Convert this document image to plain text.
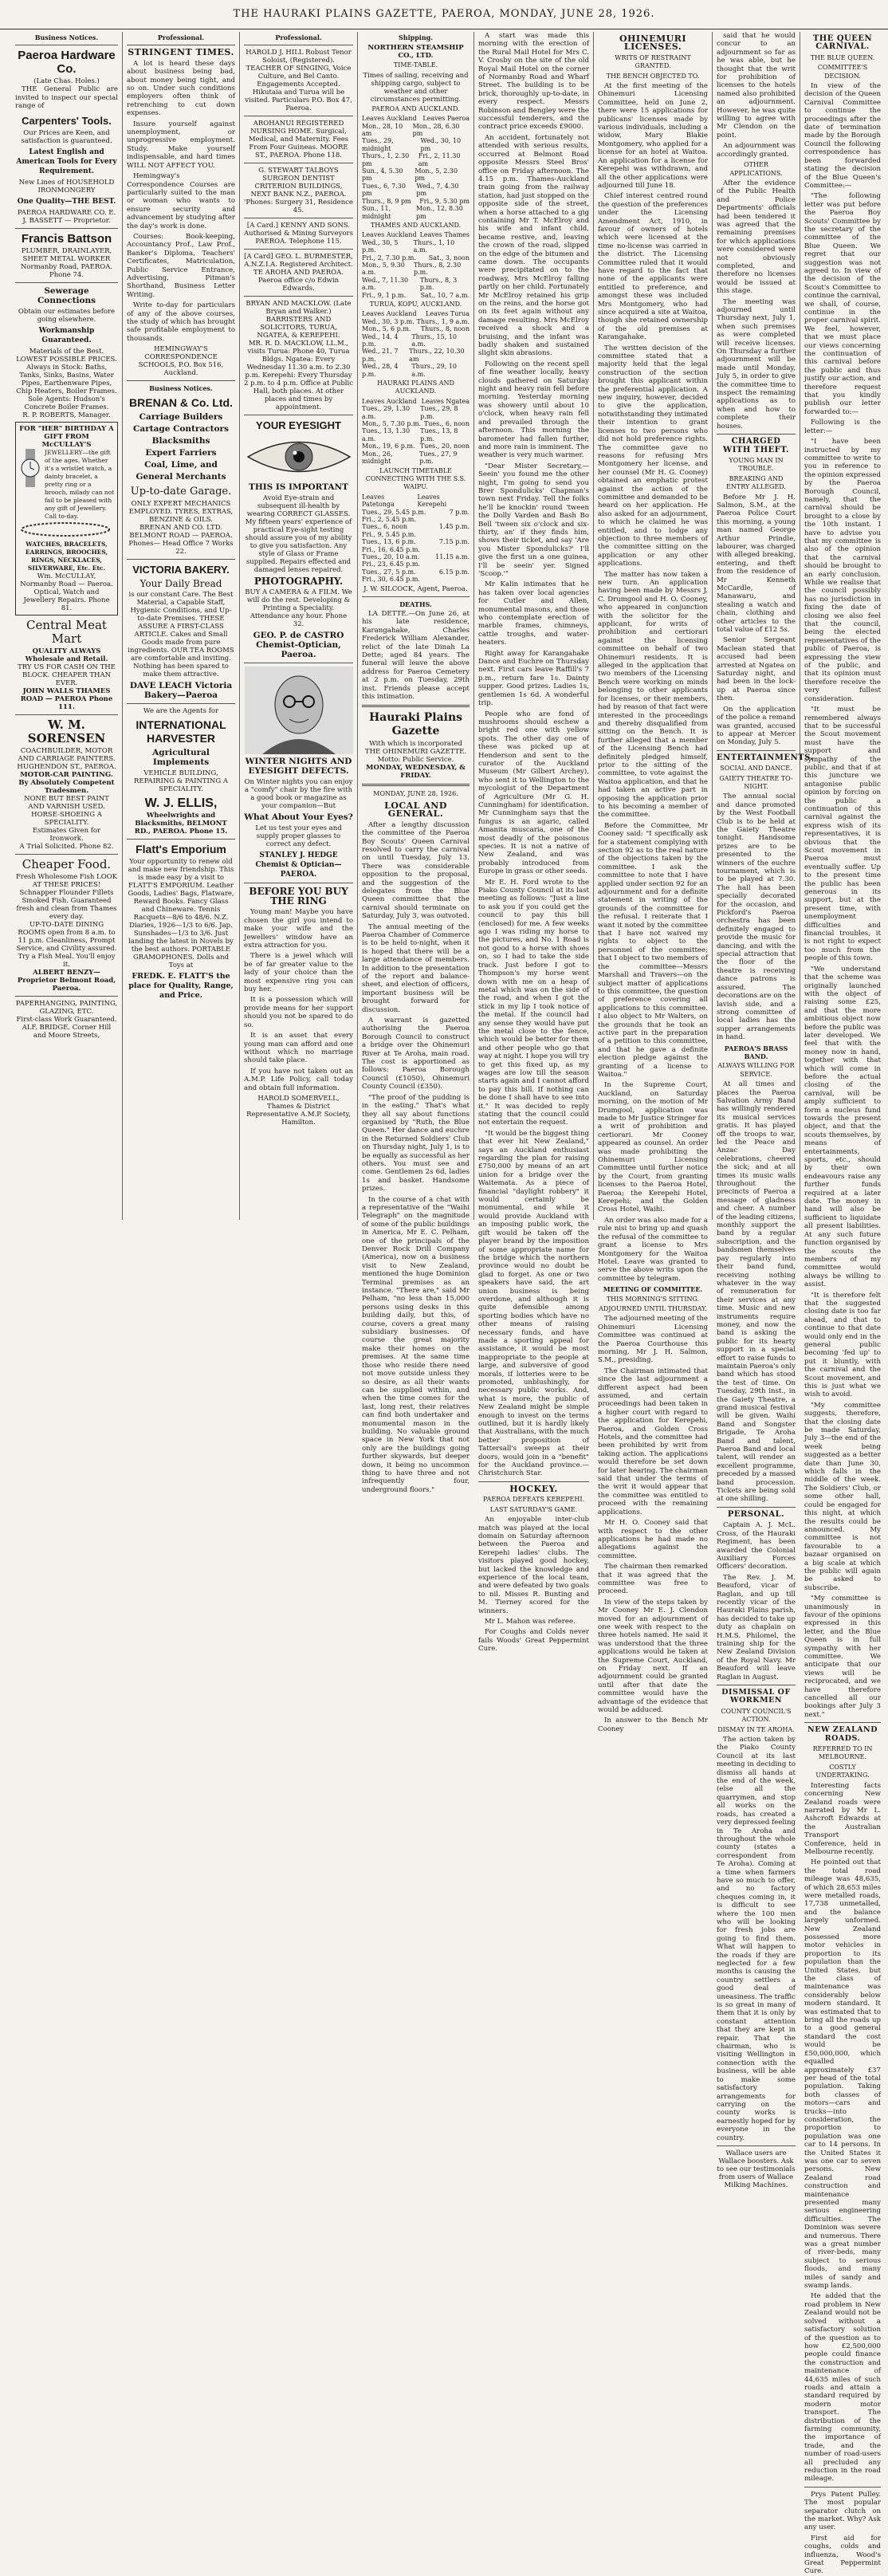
THE HAURAKI PLAINS GAZETTE, PAEROA, MONDAY, JUNE 28, 1926.
Business Notices.
Paeroa Hardware Co.
(Late Chas. Holes.)

THE General Public are invited to inspect our special range of

Carpenters' Tools.
Our Prices are Keen, and satisfaction is guaranteed.
Latest English and American Tools for Every Requirement.
New Lines of HOUSEHOLD IRONMONGERY
One Quality—THE BEST.
PAEROA HARDWARE CO. E. J. BASSETT — Proprietor.
Francis Battson
PLUMBER, DRAINLAYER, SHEET METAL WORKER
Normanby Road, PAEROA. Phone 74.
Sewerage Connections
Obtain our estimates before going elsewhere.
Workmanship Guaranteed.
Materials of the Best. LOWEST POSSIBLE PRICES.
Always in Stock: Baths, Tanks, Sinks, Basins, Water Pipes, Earthenware Pipes, Chip Heaters, Boiler Frames.
Sole Agents: Hudson's Concrete Boiler Frames.
R. P. ROBERTS, Manager.
FOR "HER" BIRTHDAY A GIFT FROM McCULLAY'S
JEWELLERY—the gift of the ages. Whether it's a wristlet watch, a dainty bracelet, a pretty ring or a brooch, milady can not fail to be pleased with any gift of Jewellery. Call to-day.
WATCHES, BRACELETS, EARRINGS, BROOCHES, RINGS, NECKLACES, SILVERWARE, Etc. Etc.
Wm. McCULLAY, Normanby Road — Paeroa. Optical, Watch and Jewellery Repairs. Phone 81.
Central Meat Mart
QUALITY ALWAYS Wholesale and Retail.
TRY US FOR CASH ON THE BLOCK. CHEAPER THAN EVER.
JOHN WALLS THAMES ROAD — PAEROA Phone 111.
W. M. SORENSEN
COACHBUILDER, MOTOR AND CARRIAGE PAINTERS. HUGHENDON ST., PAEROA.
MOTOR-CAR PAINTING. By Absolutely Competent Tradesmen.
NONE BUT BEST PAINT AND VARNISH USED.
HORSE-SHOEING A SPECIALITY.
Estimates Given for Ironwork.
A Trial Solicited. Phone 82.
Cheaper Food.
Fresh Wholesome Fish LOOK AT THESE PRICES! Schnapper Flounder Fillets Smoked Fish. Guaranteed fresh and clean from Thames every day.
UP-TO-DATE DINING ROOMS open from 8 a.m. to 11 p.m. Cleanliness, Prompt Service, and Civility assured. Try a Fish Meal. You'll enjoy it.
ALBERT BENZY—Proprietor Belmont Road, Paeroa.
PAPERHANGING, PAINTING, GLAZING, ETC.
First-class Work Guaranteed.
ALF. BRIDGE. Corner Hill and Moore Streets,
Professional.
STRINGENT TIMES.

A lot is heard these days about business being bad, about money being tight, and so on. Under such conditions employers often think of retrenching to cut down expenses.

Insure yourself against unemployment, or unprogressive employment. Study. Make yourself indispensable, and hard times WILL NOT AFFECT YOU.

Hemingway's Correspondence Courses are particularly suited to the man or woman who wants to ensure security and advancement by studying after the day's work is done.

Courses: Book-keeping, Accountancy Prof., Law Prof., Banker's Diploma, Teachers' Certificates, Matriculation, Public Service Entrance, Advertising, Pitman's Shorthand, Business Letter Writing.

Write to-day for particulars of any of the above courses, the study of which has brought safe profitable employment to thousands.

HEMINGWAY'S CORRESPONDENCE SCHOOLS, P.O. Box 516, Auckland.
Business Notices.
BRENAN & Co. Ltd.
Carriage Builders
Cartage Contractors
Blacksmiths
Expert Farriers
Coal, Lime, and
General Merchants
Up-to-date Garage.
ONLY EXPERT MECHANICS EMPLOYED. TYRES, EXTRAS, BENZINE & OILS.
BRENAN AND CO. LTD. BELMONT ROAD — PAEROA. Phones— Head Office 7 Works 22.
VICTORIA BAKERY.
Your Daily Bread
is our constant Care. The Best Material, a Capable Staff, Hygienic Conditions, and Up-to-date Premises. THESE ASSURE A FIRST-CLASS ARTICLE. Cakes and Small Goods made from pure ingredients. OUR TEA ROOMS are comfortable and inviting. Nothing has been spared to make them attractive.
DAVE LEACH Victoria Bakery—Paeroa
We are the Agents for
INTERNATIONAL HARVESTER
Agricultural Implements
VEHICLE BUILDING, REPAIRING & PAINTING A SPECIALITY.
W. J. ELLIS,
Wheelwrights and Blacksmiths, BELMONT RD., PAEROA. Phone 15.
Flatt's Emporium
Your opportunity to renew old and make new friendship. This is made easy by a visit to FLATT'S EMPORIUM. Leather Goods, Ladies' Bags, Flatware, Reward Books. Fancy Glass and Chineware. Tennis Racquets—8/6 to 48/6. N.Z. Diaries, 1926—1/3 to 6/6. Jap. Sunshades—1/3 to 3/6. Just landing the latest in Novels by the best authors. PORTABLE GRAMOPHONES. Dolls and Toys at
FREDK. E. FLATT'S the place for Quality, Range, and Price.
Professional.
HAROLD J. HILL Robust Tenor Soloist, (Registered). TEACHER OF SINGING, Voice Culture, and Bel Canto. Engagements Accepted. Hikutaia and Turua will be visited. Particulars P.O. Box 47, Paeroa.
AROHANUI REGISTERED NURSING HOME. Surgical, Medical, and Maternity. Fees From Four Guineas. MOORE ST., PAEROA. Phone 118.
G. STEWART TALBOYS SURGEON DENTIST CRITERION BUILDINGS, NEXT BANK N.Z., PAEROA. 'Phones: Surgery 31, Residence 45.
[A Card.] KENNY AND SONS. Authorised & Mining Surveyors PAEROA. Telephone 115.
[A Card] GEO. L. BURMESTER, A.N.Z.I.A. Registered Architect. TE AROHA AND PAEROA. Paeroa office c/o Edwin Edwards.
BRYAN AND MACKLOW. (Late Bryan and Walker.) BARRISTERS AND SOLICITORS, TURUA, NGATEA, & KEREPEHI.
MR. R. D. MACKLOW, LL.M., visits Turua: Phone 40, Turua Bldgs. Ngatea: Every Wednesday 11.30 a.m. to 2.30 p.m. Kerepehi: Every Thursday 2 p.m. to 4 p.m. Office at Public Hall, both places. At other places and times by appointment.
YOUR EYESIGHT
THIS IS IMPORTANT
Avoid Eye-strain and subsequent ill-health by wearing CORRECT GLASSES. My fifteen years' experience of practical Eye-sight testing should assure you of my ability to give you satisfaction. Any style of Glass or Frame supplied. Repairs effected and damaged lenses repaired.
PHOTOGRAPHY.
BUY A CAMERA & A FILM. We will do the rest. Developing & Printing a Speciality. Attendance any hour. Phone 32.
GEO. P. de CASTRO Chemist-Optician, Paeroa.
WINTER NIGHTS AND EYESIGHT DEFECTS.
On Winter nights you can enjoy a "comfy" chair by the fire with a good book or magazine as your companion—But
What About Your Eyes?
Let us test your eyes and supply proper glasses to correct any defect.
STANLEY J. HEDGE Chemist & Optician—PAEROA.
BEFORE YOU BUY THE RING

Young man! Maybe you have chosen the girl you intend to make your wife and the Jewellers' window have an extra attraction for you.

There is a jewel which will be of far greater value to the lady of your choice than the most expensive ring you can buy her.

It is a possession which will provide means for her support should you not be spared to do so.

It is an asset that every young man can afford and one without which no marriage should take place.

If you have not taken out an A.M.P. Life Policy, call today and obtain full information.

HAROLD SOMERVELL, Thames & District Representative A.M.P. Society, Hamilton.
Shipping.
NORTHERN STEAMSHIP CO., LTD.
TIME-TABLE.
Times of sailing, receiving and shipping cargo, subject to weather and other circumstances permitting.
PAEROA AND AUCKLAND.
Leaves Auckland Leaves Paeroa
Mon., 28, 10 am
Mon., 28, 6.30 pm
Tues., 29, midnight
Wed., 30, 10 pm
Thurs., 1, 2.30 pm
Fri., 2, 11.30 am
Sun., 4, 5.30 pm
Mon., 5, 2.30 pm
Tues., 6, 7.30 pm
Wed., 7, 4.30 pm
Thurs., 8, 9 pm Fri., 9, 5.30 pm
Sun., 11, midnight
Mon., 12, 8.30 pm
THAMES AND AUCKLAND.
Leaves Auckland Leaves Thames
Wed., 30, 5 p.m.
Thurs., 1, 10 a.m.
Fri., 2, 7.30 p.m. Sat., 3, noon
Mon., 5, 9.30 a.m.
Thurs., 8, 2.30 p.m.
Wed., 7, 11.30 a.m.
Thurs., 8, 3 p.m.
Fri., 9, 1 p.m. Sat., 10, 7 a.m.
TURUA, KOPU, AUCKLAND.
Leaves Auckland Leaves Turua
Wed., 30, 3 p.m. Thurs., 1, 9 a.m.
Mon., 5, 6 p.m. Thurs., 8, noon
Wed., 14, 4 p.m.
Thurs., 15, 10 a.m.
Wed., 21, 7 p.m.
Thurs., 22, 10.30 am
Wed., 28, 4 p.m.
Thurs., 29, 10 a.m.
HAURAKI PLAINS AND AUCKLAND.
Leaves Auckland Leaves Ngatea
Tues., 29, 1.30 a.m.
Tues., 29, 8 p.m.
Mon., 5, 7.30 p.m. Tues., 6, noon
Tues., 13, 1.30 a.m.
Tues., 13, 8 p.m.
Mon., 19, 6 p.m. Tues., 20, noon
Mon., 26, midnight
Tues., 27, 9 p.m.
LAUNCH TIMETABLE CONNECTING WITH THE S.S. WAIPU.
Leaves Patetonga
Leaves Kerepehi
Tues., 29, 5.45 p.m.	7 p.m.
Fri., 2, 5.45 p.m.
Tues., 6, noon	1.45 p.m.
Fri., 9, 5.45 p.m.
Tues., 13, 6 p.m.	7.15 p.m.
Fri., 16, 6.45 p.m.
Tues., 20, 10 a.m. 11.15 a.m.
Fri., 23, 6.45 p.m.
Tues., 27, 5 p.m.	6.15 p.m.
Fri., 30, 6.45 p.m.
J. W. SILCOCK, Agent, Paeroa.
DEATHS.

LA DETTE.—On June 26, at his late residence, Karangahake, Charles Frederick William Alexander, relict of the late Dinah La Dette; aged 84 years. The funeral will leave the above address for Paeroa Cemetery at 2 p.m. on Tuesday, 29th inst. Friends please accept this intimation.

Hauraki Plains Gazette
With which is incorporated THE OHINEMURI GAZETTE. Motto: Public Service.
MONDAY, WEDNESDAY, & FRIDAY.
MONDAY, JUNE 28, 1926.
LOCAL AND GENERAL.

After a lengthy discussion the committee of the Paeroa Boy Scouts' Queen Carnival resolved to carry the carnival on until Tuesday, July 13. There was considerable opposition to the proposal, and the suggestion of the delegates from the Blue Queen committee that the carnival should terminate on Saturday, July 3, was outvoted.

The annual meeting of the Paeroa Chamber of Commerce is to be held to-night, when it is hoped that there will be a large attendance of members. In addition to the presentation of the report and balance-sheet, and election of officers, important business will be brought forward for discussion.

A warrant is gazetted authorising the Paeroa Borough Council to construct a bridge over the Ohinemuri River at Te Aroha, main road. The cost is apportioned as follows: Paeroa Borough Council (£1050), Ohinemuri County Council (£350).

"The proof of the pudding is in the eating." That's what they all say about functions organised by "Ruth, the Blue Queen." Her dance and euchre in the Returned Soldiers' Club on Thursday night, July 1, is to be equally as successful as her others. You must see and come. Gentlemen 2s 6d, ladies 1s and basket. Handsome prizes.

In the course of a chat with a representative of the "Waihi Telegraph" on the magnitude of some of the public buildings in America, Mr E. C. Pelham, one of the principals of the Denver Rock Drill Company (America), now on a business visit to New Zealand, mentioned the huge Dominion Terminal premises as an instance. "There are," said Mr Pelham, "no less than 15,000 persons using desks in this building daily, but this, of course, covers a great many subsidiary businesses. Of course the great majority make their homes on the premises. At the same time those who reside there need not move outside unless they so desire, as all their wants can be supplied within, and when the time comes for the last, long rest, their relatives can find both undertaker and monumental mason in the building. No valuable ground space in New York that not only are the buildings going further skywards, but deeper down, it being no uncommon thing to have three and not infrequently four, underground floors."

A start was made this morning with the erection of the Rural Mail Hotel for Mrs C. V. Crosby on the site of the old Royal Mail Hotel on the corner of Normanby Road and Wharf Street. The building is to be brick, thoroughly up-to-date, in every respect. Messrs Robinson and Bengley were the successful tenderers, and the contract price exceeds £9000.

An accident, fortunately not attended with serious results, occurred at Belmont Road opposite Messrs Steel Bros' office on Friday afternoon. The 4.15 p.m. Thames-Auckland train going from the railway station, had just stopped on the opposite side of the street, when a horse attached to a gig containing Mr T. McElroy and his wife and infant child, became restive, and, leaving the crown of the road, slipped on the edge of the bitumen and came down. The occupants were precipitated on to the roadway, Mrs McElroy falling partly on her child. Fortunately Mr McElroy retained his grip on the reins, and the horse got on its feet again without any damage resulting. Mrs McElroy received a shock and a bruising, and the infant was badly shaken and sustained slight skin abrasions.

Following on the recent spell of fine weather locally, heavy clouds gathered on Saturday night and heavy rain fell before morning. Yesterday morning was showery until about 10 o'clock, when heavy rain fell and prevailed through the afternoon. This morning the barometer had fallen further, and more rain is imminent. The weather is very much warmer.

"Dear Mister Secretary,—Seein' you found me the other night, I'm going to send you Brer Spondulicks' Chapman's town next Friday. Tell the folks he'll be knockin' round 'tween the Dolly Varden and Bash Bo Bell 'tween six o'clock and six-thirty, an' if they finds him, shows their ticket, and say 'Are you Mister Spondulicks?' I'll give the first un a one guinea, I'll be seein' yer. Signed 'Scoop.'"

Mr Kalin intimates that he has taken over local agencies for Cutler and Allen, monumental masons, and those who contemplate erection of marble frames, chimneys, cattle troughs, and water-heaters.

Right away for Karangahake Dance and Euchre on Thursday next. First cars leave Raffill's 7 p.m., return fare 1s. Dainty supper. Good prizes. Ladies 1s, gentlemen 1s 6d. A wonderful trip.

People who are fond of mushrooms should eschew a bright red one with yellow spots. The other day one of these was picked up at Henderson and sent to the curator of the Auckland Museum (Mr Gilbert Archey), who sent it to Wellington to the mycologist of the Department of Agriculture (Mr G. H. Cunningham) for identification. Mr Cunningham says that the fungus is an agaric, called Amanita muscaria, one of the most deadly of the poisonous species. It is not a native of New Zealand, and was probably introduced from Europe in grass or other seeds.

Mr E. H. Ford wrote to the Piako County Council at its last meeting as follows: "Just a line to ask you if you could get the council to pay this bill (enclosed) for me. A few weeks ago I was riding my horse to the pictures, and No. 1 Road is not good to a horse with shoes on, so I had to take the side track. Just before I got to Thompson's my horse went down with me on a heap of metal which was on the side of the road, and when I got the stick in my lip I took notice of the metal. If the council had any sense they would have put the metal close to the fence, which would be better for them and other people who go that way at night. I hope you will try to get this fixed up, as my wages are low till the season starts again and I cannot afford to pay this bill. If nothing can be done I shall have to see into it." It was decided to reply stating that the council could not entertain the request.

"It would be the biggest thing that ever hit New Zealand," says an Auckland enthusiast regarding the plan for raising £750,000 by means of an art union for a bridge over the Waitemata. As a piece of financial "daylight robbery" it would certainly be monumental, and while it would provide Auckland with an imposing public work, the gift would be taken off the player brand by the imposition of some appropriate name for the bridge which the northern province would no doubt be glad to forget. As one or two speakers have said, the art union business is being overdone, and although it is quite defensible among sporting bodies which have no other means of raising necessary funds, and have made a sporting appeal for assistance, it would be most inappropriate to the people at large, and subversive of good morals, if lotteries were to be promoted, unblushingly, for necessary public works. And, what is more, the public of New Zealand might be simple enough to invest on the terms outlined, but it is hardly likely that Australians, with the much better proposition of Tattersall's sweeps at their doors, would join in a "benefit" for the Auckland province.—Christchurch Star.

HOCKEY.
PAEROA DEFEATS KEREPEHI.
LAST SATURDAY'S GAME.

An enjoyable inter-club match was played at the local domain on Saturday afternoon between the Paeroa and Kerepehi ladies' clubs. The visitors played good hockey, but lacked the knowledge and experience of the local team, and were defeated by two goals to nil. Misses R. Bunting and M. Tierney scored for the winners.

Mr L. Mahon was referee.

For Coughs and Colds never fails Woods' Great Peppermint Cure.

OHINEMURI LICENSES.
WRITS OF RESTRAINT GRANTED.
THE BENCH OBJECTED TO.

At the first meeting of the Ohinemuri Licensing Committee, held on June 2, there were 15 applications for publicans' licenses made by various individuals, including a widow, Mary Blakie Montgomery, who applied for a license for an hotel at Waitoa. An application for a license for Kerepehi was withdrawn, and all the other applications were adjourned till June 18.

Chief interest centred round the question of the preferences under the Licensing Amendment Act, 1910, in favour of owners of hotels which were licensed at the time no-license was carried in the district. The Licensing Committee ruled that it would have regard to the fact that none of the applicants were entitled to preference, and amongst these was included Mrs Montgomery, who had since acquired a site at Waitoa, though she retained ownership of the old premises at Karangahake.

The written decision of the committee stated that a majority held that the legal construction of the section brought this applicant within the preferential application. A new inquiry, however, decided to give the application, notwithstanding they intimated their intention to grant licenses to two persons who did not hold preference rights. The committee gave no reasons for refusing Mrs Montgomery her license, and her counsel (Mr H. G. Cooney) obtained an emphatic protest against the action of the committee and demanded to be heard on her application. He also asked for an adjournment, to which he claimed he was entitled, and to lodge any objection to three members of the committee sitting on the application or any other applications.

The matter has now taken a new turn. An application having been made by Messrs J. C. Drumgool and H. O. Cooney, who appeared in conjunction with the solicitor for the applicant, for writs of prohibition and certiorari against the licensing committee on behalf of two Ohinemuri residents. It is alleged in the application that two members of the Licensing Bench were working on minds belonging to other applicants for licenses, or their members, had by reason of that fact were interested in the proceedings and thereby disqualified from sitting on the Bench. It is further alleged that a member of the Licensing Bench had definitely pledged himself, prior to the sitting of the committee, to vote against the Waitoa application, and that he had taken an active part in opposing the application prior to his becoming a member of the committee.

Before the Committee, Mr Cooney said: "I specifically ask for a statement complying with section 92 as to the real nature of the objections taken by the committee. I ask the committee to note that I have applied under section 92 for an adjournment and for a definite statement in writing of the grounds of the committee for the refusal. I reiterate that I want it noted by the committee that I have not waived my rights to object to the personnel of the committee; that I object to two members of the committee—Messrs Marshall and Travers—on the subject matter of applications to this committee, the question of preference covering all applications to this committee. I also object to Mr Walters, on the grounds that he took an active part in the preparation of a petition to this committee, and that he gave a definite election pledge against the granting of a license to Waitoa."

In the Supreme Court, Auckland, on Saturday morning, on the motion of Mr Drumgool, application was made to Mr Justice Stringer for a writ of prohibition and certiorari. Mr Cooney appeared as counsel. An order was made prohibiting the Ohinemuri Licensing Committee until further notice by the Court, from granting licenses to the Paeroa Hotel, Paeroa; the Kerepehi Hotel, Kerepehi; and the Golden Cross Hotel, Waihi.

An order was also made for a rule nisi to bring up and quash the refusal of the committee to grant a license to Mrs Montgomery for the Waitoa Hotel. Leave was granted to serve the above writs upon the committee by telegram.

MEETING OF COMMITTEE.
THIS MORNING'S SITTING.
ADJOURNED UNTIL THURSDAY.

The adjourned meeting of the Ohinemuri Licensing Committee was continued at the Paeroa Courthouse this morning, Mr J. H. Salmon, S.M., presiding.

The Chairman intimated that since the last adjournment a different aspect had been assumed, and certain proceedings had been taken in a higher court with regard to the application for Kerepehi, Paeroa, and Golden Cross Hotels, and the committee had been prohibited by writ from taking action. The applications would therefore be set down for later hearing. The chairman said that under the terms of the writ it would appear that the committee was entitled to proceed with the remaining applications.

Mr H. O. Cooney said that with respect to the other applications he had made no allegations against the committee.

The chairman then remarked that it was agreed that the committee was free to proceed.

In view of the steps taken by Mr Cooney Mr E. J. Clendon moved for an adjournment of one week with respect to the three hotels named. He said it was understood that the three applications would be taken at the Supreme Court, Auckland, on Friday next. If an adjournment could be granted until after that date the committee would have the advantage of the evidence that would be adduced.

In answer to the Bench Mr Cooney

said that he would concur to an adjournment so far as he was able, but he thought that the writ for prohibition of licenses to the hotels named also prohibited an adjournment. However, he was quite willing to agree with Mr Clendon on the point.

An adjournment was accordingly granted.

OTHER APPLICATIONS.

After the evidence of the Public Health and Police Departments' officials had been tendered it was agreed that the remaining premises for which applications were considered were not obviously completed, and therefore no licenses would be issued at this stage.

The meeting was adjourned until Thursday next, July 1, when such premises as were completed will receive licenses. On Thursday a further adjournment will be made until Monday, July 5, in order to give the committee time to inspect the remaining applications as to when and how to complete their houses.

CHARGED WITH THEFT.
YOUNG MAN IN TROUBLE.
BREAKING AND ENTRY ALLEGED.

Before Mr J. H. Salmon, S.M., at the Paeroa Police Court this morning, a young man named George Arthur Prindle, labourer, was charged with alleged breaking, entering, and theft from the residence of Mr Kenneth McCardle, of Manawaru, and stealing a watch and chain, clothing and other articles to the total value of £12 5s.

Senior Sergeant Maclean stated that accused had been arrested at Ngatea on Saturday night, and had been in the lock-up at Paeroa since then.

On the application of the police a remand was granted, accused to appear at Mercer on Monday, July 5.

ENTERTAINMENTS.
SOCIAL AND DANCE.
GAIETY THEATRE TO-NIGHT.

The annual social and dance promoted by the West Football Club is to be held at the Gaiety Theatre tonight. Handsome prizes are to be presented to the winners of the euchre tournament, which is to be played at 7.30. The hall has been specially decorated for the occasion, and Pickford's Paeroa orchestra has been definitely engaged to provide the music for dancing, and with the special attraction that the floor of the theatre is receiving dance patrons is assured. The decorations are on the lavish side, and a strong committee of local ladies has the supper arrangements in hand.

PAEROA'S BRASS BAND.
ALWAYS WILLING FOR SERVICE.

At all times and places the Paeroa Salvation Army Band has willingly rendered its musical services gratis. It has played off the troops to war, led the Peace and Anzac Day celebrations, cheered the sick; and at all times its music walls throughout the precincts of Paeroa a message of gladness and cheer. A number of the leading citizens, monthly support the band by a regular subscription, and the bandsmen themselves pay regularly into their band fund, receiving nothing whatever in the way of remuneration for their services at any time. Music and new instruments require money, and now the band is asking the public for its hearty support in a special effort to raise funds to maintain Paeroa's only band which has stood the test of time. On Tuesday, 29th inst., in the Gaiety Theatre, a grand musical festival will be given. Waihi Band and Songster Brigade, Te Aroha Band and talent, Paeroa Band and local talent, will render an excellent programme, preceded by a massed band procession. Tickets are being sold at one shilling.

PERSONAL.

Captain A. J. McL. Cross, of the Hauraki Regiment, has been awarded the Colonial Auxiliary Forces Officers' decoration.

The Rev. J. M. Beauford, vicar of Raglan, and up till recently vicar of the Hauraki Plains parish, has decided to take up duty as chaplain on H.M.S. Philomel, the training ship for the New Zealand Division of the Royal Navy. Mr Beauford will leave Raglan in August.

DISMISSAL OF WORKMEN
COUNTY COUNCIL'S ACTION.
DISMAY IN TE AROHA.

The action taken by the Piako County Council at its last meeting in deciding to dismiss all hands at the end of the week, (else all the quarrymen, and stop all works on the roads, has created a very depressed feeling in Te Aroha and throughout the whole county (states a correspondent from Te Aroha). Coming at a time when farmers have so much to offer, and no factory cheques coming in, it is difficult to see where the 100 men who will be looking for fresh jobs are going to find them. What will happen to the roads if they are neglected for a few months is causing the country settlers a good deal of uneasiness. The traffic is so great in many of them that it is only by constant attention that they are kept in repair. That the chairman, who is visiting Wellington in connection with the business, will be able to make some satisfactory arrangements for carrying on the county works is earnestly hoped for by everyone in the country.

Wallace users are Wallace boosters. Ask to see our testimonials from users of Wallace Milking Machines.
THE QUEEN CARNIVAL.
THE BLUE QUEEN.
COMMITTEE'S DECISION.

In view of the decision of the Queen Carnival Committee to continue the proceedings after the date of termination made by the Borough Council the following correspondence has been forwarded stating the decision of the Blue Queen's Committee:—

"The following letter was put before the Paeroa Boy Scouts' Committee by the secretary of the committee of the Blue Queen. We regret that our suggestion was not agreed to. In view of the decision of the Scout's Committee to continue the carnival, we shall, of course, continue in the proper carnival spirit. We feel, however, that we must place our views concerning the continuation of this carnival before the public and thus justify our action, and therefore request that you kindly publish our letter forwarded to:—

Following is the letter:—

"I have been instructed by my committee to write to you in reference to the opinion expressed by the Paeroa Borough Council, namely, that the carnival should be brought to a close by the 10th instant. I have to advise you that my committee is also of the opinion that the carnival should be brought to an early conclusion. While we realise that the council possibly has no jurisdiction in fixing the date of closing we also feel that the council, being the elected representatives of the public of Paeroa, is expressing the view of the public, and that its opinion must therefore receive the very fullest consideration.

"It must be remembered always that to be successful the Scout movement must have the support and sympathy of the public, and that if at this juncture we antagonise public opinion by forcing on the public a continuation of this carnival against the express wish of its representatives, it is obvious that the Scout movement in Paeroa must eventually suffer. Up to the present time the public has been generous in its support, but at the present time, with unemployment difficulties and financial troubles, it is not right to expect too much from the people of this town.

"We understand that the scheme was originally launched with the object of raising some £25, and that the more ambitious object now before the public was later developed. We feel that with the money now in hand, together with that which will come in before the actual closing of the carnival, will be amply sufficient to form a nucleus fund towards the present object, and that the scouts themselves, by means of entertainments, sports, etc., should by their own endeavours raise any further funds required at a later date. The money in hand will also be sufficient to liquidate all present liabilities. At any such future function organised by the scouts the members of my committee would always be willing to assist.

"It is therefore felt that the suggested closing date is too far ahead, and that to continue to that date would only end in the general public becoming 'fed up' to put it bluntly, with the carnival and the Scout movement, and this is just what we wish to avoid.

"My committee suggests, therefore, that the closing date be made Saturday, July 3—the end of the week being suggested as a better date than June 30, which falls in the middle of the week. The Soldiers' Club, or some other hall, could be engaged for this night, at which the results could be announced. My committee is not favourable to a bazaar organised on a big scale at which the public will again be asked to subscribe.

"My committee is unanimously in favour of the opinions expressed in this letter, and the Blue Queen is in full sympathy with her committee. We anticipate that our views will be reciprocated, and we have therefore cancelled all our bookings after July 3 next."

NEW ZEALAND ROADS.
REFERRED TO IN MELBOURNE.
COSTLY UNDERTAKING.

Interesting facts concerning New Zealand roads were narrated by Mr L. Ashcroft Edwards at the Australian Transport Conference, held in Melbourne recently.

He pointed out that the total road mileage was 48,635, of which 28,653 miles were metalled roads, 17,738 unmetalled, and the balance largely unformed. New Zealand possessed more motor vehicles in proportion to its population than the United States, but the class of maintenance was considerably below modern standard. It was estimated that to bring all the roads up to a good general standard the cost would be £50,000,000, which equalled approximately £37 per head of the total population. Taking both classes of motors—cars and trucks—into consideration, the proportion to population was one car to 14 persons. In the United States it was one car to seven persons. New Zealand road construction and maintenance presented many serious engineering difficulties. The Dominion was severe and numerous. There was a great number of river-beds, many subject to serious floods, and many miles of sandy and swamp lands.

He added that the road problem in New Zealand would not be solved without a satisfactory solution of the question as to how £2,500,000 people could finance the construction and maintenance of 44,635 miles of such roads and attain a standard required by modern motor transport. The distribution of the farming community, the importance of trade, and the number of road-users all precluded any reduction in the road mileage.

Prys Patent Pulley. The most popular separator clutch on the market. Why? Ask any user.

First aid for coughs, colds and influenza, Wood's Great Peppermint Cure.
